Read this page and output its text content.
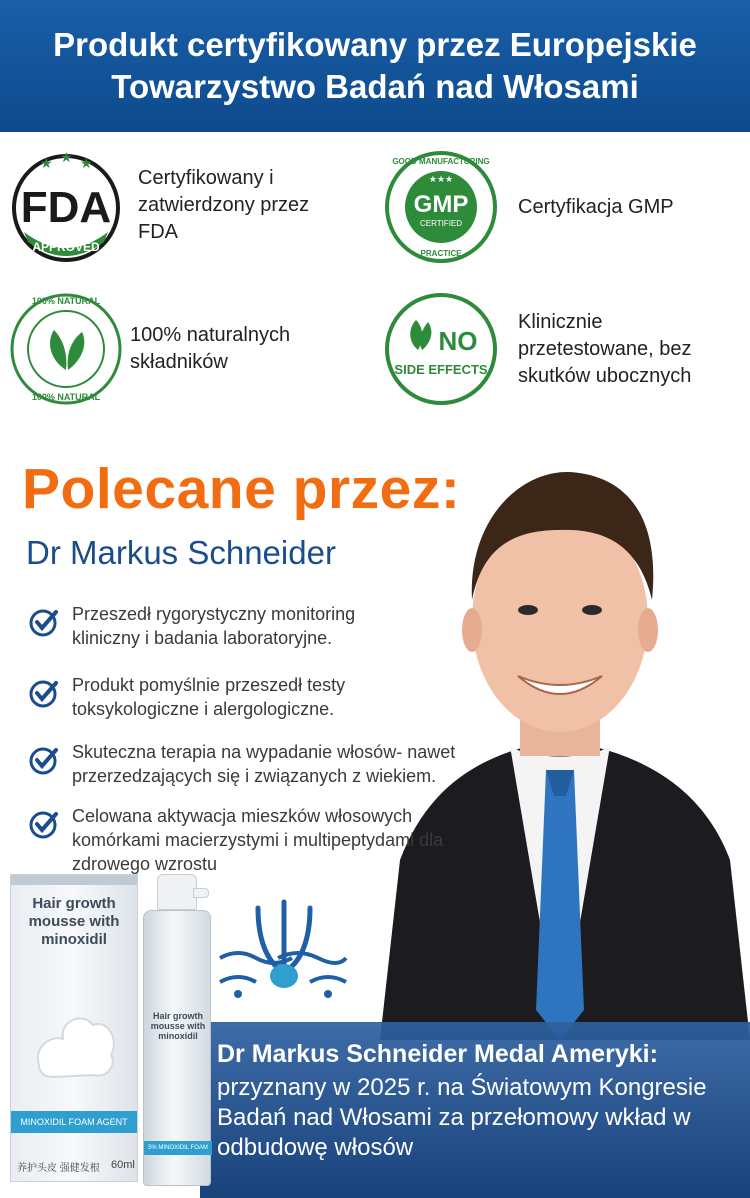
Produkt certyfikowany przez Europejskie Towarzystwo Badań nad Włosami
★ ★ ★
FDA
APPROVED
Certyfikowany i zatwierdzony przez FDA
GMP
CERTIFIED
★★★
GOOD MANUFACTURING
PRACTICE
Certyfikacja GMP
100% NATURAL
100% NATURAL
100% naturalnych składników
NO
SIDE EFFECTS
Klinicznie przetestowane, bez skutków ubocznych
Polecane przez:
Dr Markus Schneider
Przeszedł rygorystyczny monitoring kliniczny i badania laboratoryjne.
Produkt pomyślnie przeszedł testy toksykologiczne i alergologiczne.
Skuteczna terapia na wypadanie włosów- nawet przerzedzających się i związanych z wiekiem.
Celowana aktywacja mieszków włosowych komórkami macierzystymi i multipeptydami dla zdrowego wzrostu
Dr Markus Schneider Medal Ameryki:
przyznany w 2025 r. na Światowym Kongresie Badań nad Włosami za przełomowy wkład w odbudowę włosów
Hair growth mousse with minoxidil
MINOXIDIL FOAM AGENT
养护头皮 强健发根 60ml
Hair growth mousse with minoxidil
5% MINOXIDIL FOAM
